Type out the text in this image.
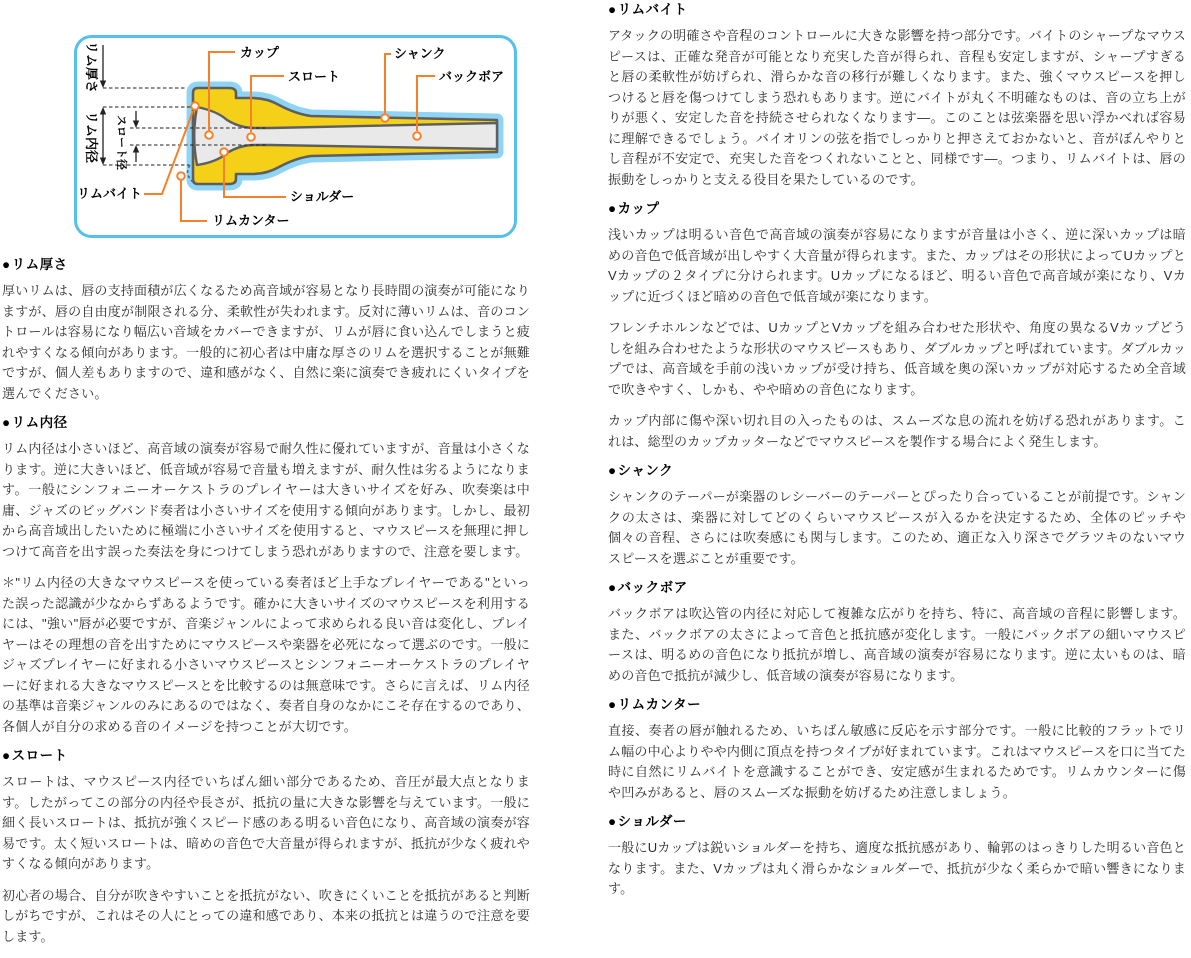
カップ
スロート
シャンク
バックボア
リムバイト	ショルダー
リムカンター
リム厚さ
リム内径 スロート径
●リム厚さ

厚いリムは、唇の支持面積が広くなるため高音域が容易となり長時間の演奏が可能になりますが、唇の自由度が制限される分、柔軟性が失われます。反対に薄いリムは、音のコントロールは容易になり幅広い音域をカバーできますが、リムが唇に食い込んでしまうと疲れやすくなる傾向があります。一般的に初心者は中庸な厚さのリムを選択することが無難ですが、個人差もありますので、違和感がなく、自然に楽に演奏でき疲れにくいタイプを選んでください。

●リム内径

リム内径は小さいほど、高音域の演奏が容易で耐久性に優れていますが、音量は小さくなります。逆に大きいほど、低音域が容易で音量も増えますが、耐久性は劣るようになります。一般にシンフォニーオーケストラのプレイヤーは大きいサイズを好み、吹奏楽は中庸、ジャズのビッグバンド奏者は小さいサイズを使用する傾向があります。しかし、最初から高音域出したいために極端に小さいサイズを使用すると、マウスピースを無理に押しつけて高音を出す誤った奏法を身につけてしまう恐れがありますので、注意を要します。

＊"リム内径の大きなマウスピースを使っている奏者ほど上手なプレイヤーである"といった誤った認識が少なからずあるようです。確かに大きいサイズのマウスピースを利用するには、"強い"唇が必要ですが、音楽ジャンルによって求められる良い音は変化し、プレイヤーはその理想の音を出すためにマウスピースや楽器を必死になって選ぶのです。一般にジャズプレイヤーに好まれる小さいマウスピースとシンフォニーオーケストラのプレイヤーに好まれる大きなマウスピースとを比較するのは無意味です。さらに言えば、リム内径の基準は音楽ジャンルのみにあるのではなく、奏者自身のなかにこそ存在するのであり、各個人が自分の求める音のイメージを持つことが大切です。

●スロート

スロートは、マウスピース内径でいちばん細い部分であるため、音圧が最大点となります。したがってこの部分の内径や長さが、抵抗の量に大きな影響を与えています。一般に細く長いスロートは、抵抗が強くスピード感のある明るい音色になり、高音域の演奏が容易です。太く短いスロートは、暗めの音色で大音量が得られますが、抵抗が少なく疲れやすくなる傾向があります。

初心者の場合、自分が吹きやすいことを抵抗がない、吹きにくいことを抵抗があると判断しがちですが、これはその人にとっての違和感であり、本来の抵抗とは違うので注意を要します。

●リムバイト

アタックの明確さや音程のコントロールに大きな影響を持つ部分です。バイトのシャープなマウスピースは、正確な発音が可能となり充実した音が得られ、音程も安定しますが、シャープすぎると唇の柔軟性が妨げられ、滑らかな音の移行が難しくなります。また、強くマウスピースを押しつけると唇を傷つけてしまう恐れもあります。逆にバイトが丸く不明確なものは、音の立ち上がりが悪く、安定した音を持続させられなくなります―。このことは弦楽器を思い浮かべれば容易に理解できるでしょう。バイオリンの弦を指でしっかりと押さえておかないと、音がぼんやりとし音程が不安定で、充実した音をつくれないことと、同様です―。つまり、リムバイトは、唇の振動をしっかりと支える役目を果たしているのです。

●カップ

浅いカップは明るい音色で高音域の演奏が容易になりますが音量は小さく、逆に深いカップは暗めの音色で低音域が出しやすく大音量が得られます。また、カップはその形状によってUカップとVカップの２タイプに分けられます。Uカップになるほど、明るい音色で高音域が楽になり、Vカップに近づくほど暗めの音色で低音域が楽になります。

フレンチホルンなどでは、UカップとVカップを組み合わせた形状や、角度の異なるVカップどうしを組み合わせたような形状のマウスピースもあり、ダブルカップと呼ばれています。ダブルカップでは、高音域を手前の浅いカップが受け持ち、低音域を奥の深いカップが対応するため全音域で吹きやすく、しかも、やや暗めの音色になります。

カップ内部に傷や深い切れ目の入ったものは、スムーズな息の流れを妨げる恐れがあります。これは、総型のカップカッターなどでマウスピースを製作する場合によく発生します。

●シャンク

シャンクのテーパーが楽器のレシーバーのテーパーとぴったり合っていることが前提です。シャンクの太さは、楽器に対してどのくらいマウスピースが入るかを決定するため、全体のピッチや個々の音程、さらには吹奏感にも関与します。このため、適正な入り深さでグラツキのないマウスピースを選ぶことが重要です。

●バックボア

バックボアは吹込管の内径に対応して複雑な広がりを持ち、特に、高音域の音程に影響します。また、バックボアの太さによって音色と抵抗感が変化します。一般にバックボアの細いマウスピースは、明るめの音色になり抵抗が増し、高音域の演奏が容易になります。逆に太いものは、暗めの音色で抵抗が減少し、低音域の演奏が容易になります。

●リムカンター

直接、奏者の唇が触れるため、いちばん敏感に反応を示す部分です。一般に比較的フラットでリム幅の中心よりやや内側に頂点を持つタイプが好まれています。これはマウスピースを口に当てた時に自然にリムバイトを意識することができ、安定感が生まれるためです。リムカウンターに傷や凹みがあると、唇のスムーズな振動を妨げるため注意しましょう。

●ショルダー

一般にUカップは鋭いショルダーを持ち、適度な抵抗感があり、輪郭のはっきりした明るい音色となります。また、Vカップは丸く滑らかなショルダーで、抵抗が少なく柔らかで暗い響きになります。
